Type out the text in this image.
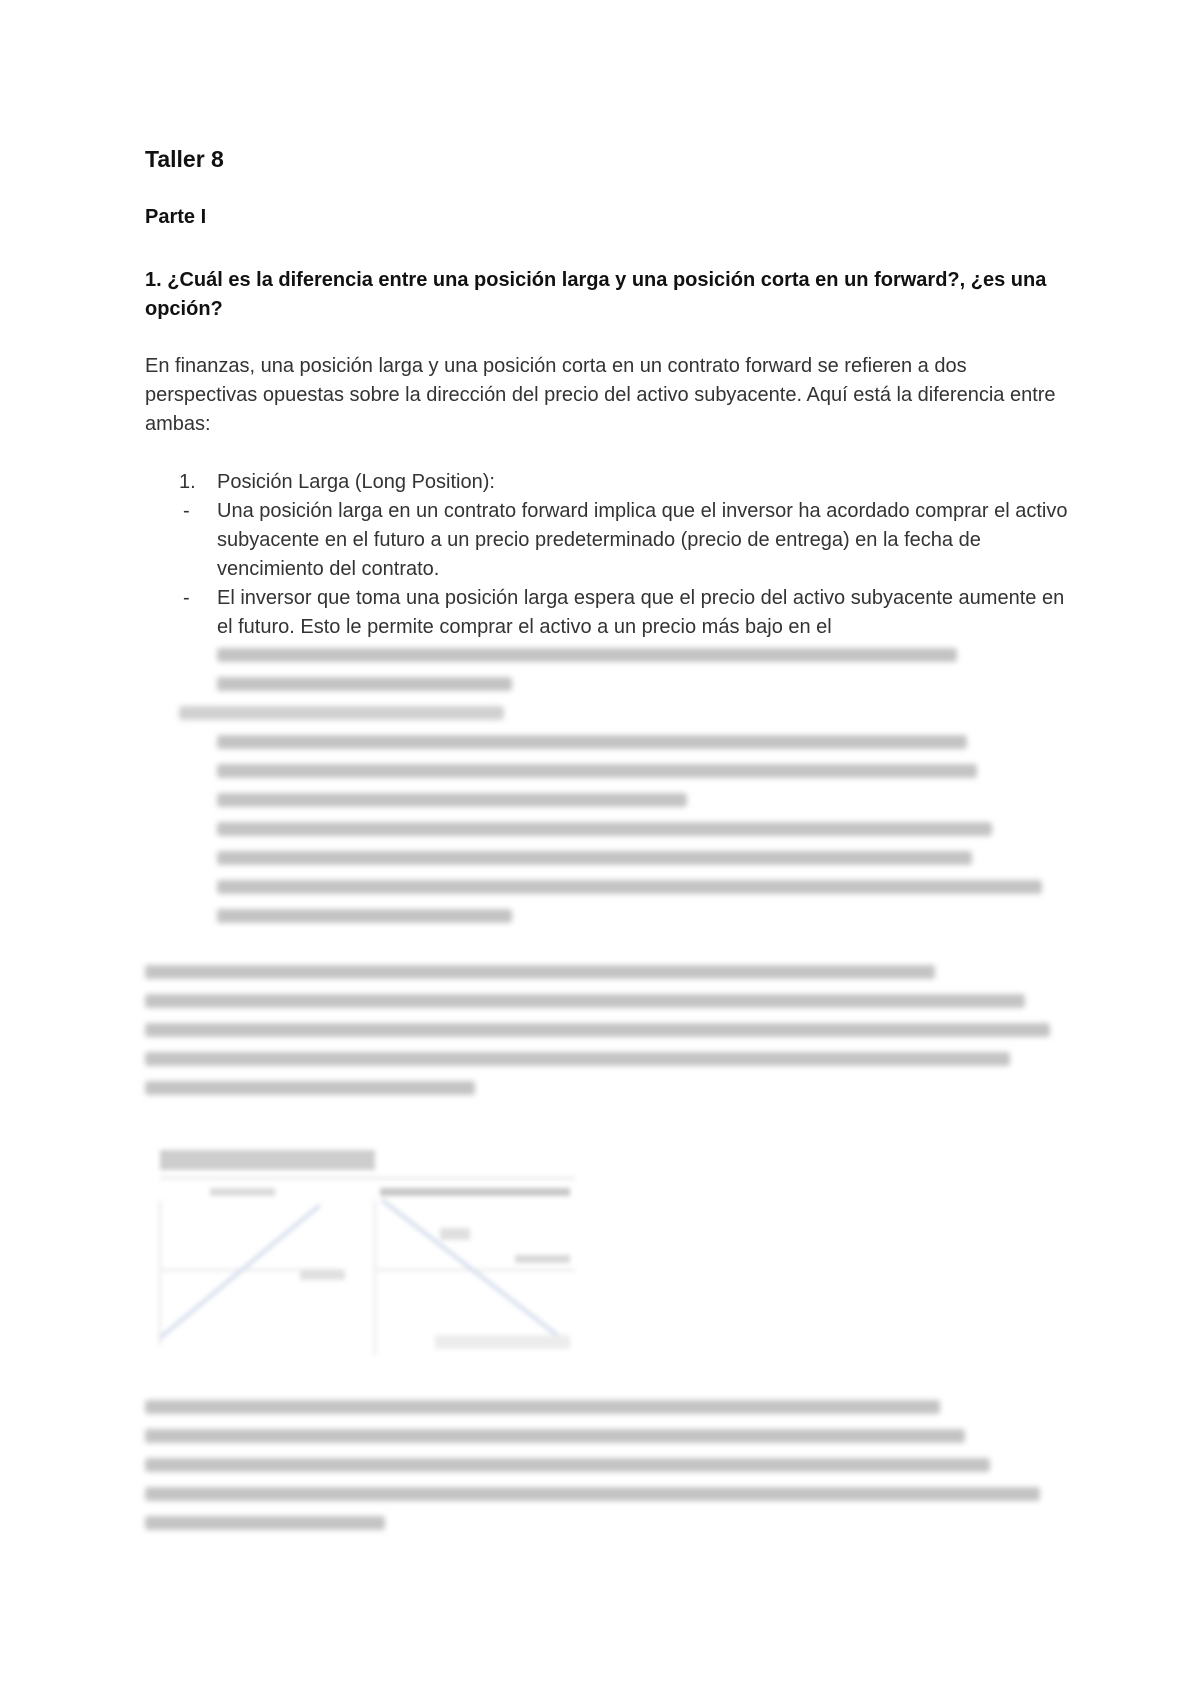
Taller 8
Parte I
1. ¿Cuál es la diferencia entre una posición larga y una posición corta en un forward?, ¿es una opción?
En finanzas, una posición larga y una posición corta en un contrato forward se refieren a dos perspectivas opuestas sobre la dirección del precio del activo subyacente. Aquí está la diferencia entre ambas:
1. Posición Larga (Long Position):
- Una posición larga en un contrato forward implica que el inversor ha acordado comprar el activo subyacente en el futuro a un precio predeterminado (precio de entrega) en la fecha de vencimiento del contrato.
- El inversor que toma una posición larga espera que el precio del activo subyacente aumente en el futuro. Esto le permite comprar el activo a un precio más bajo en el
